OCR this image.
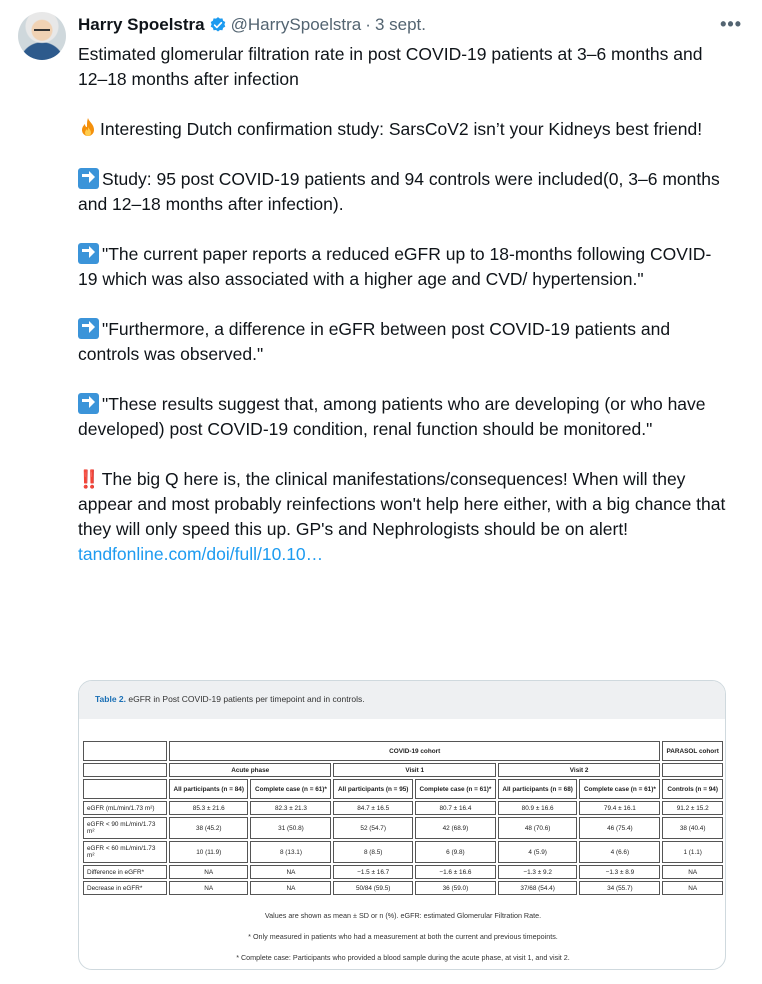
Harry Spoelstra @HarrySpoelstra · 3 sept.	•••
Estimated glomerular filtration rate in post COVID-19 patients at 3–6 months and 12–18 months after infection
Interesting Dutch confirmation study: SarsCoV2 isn’t your Kidneys best friend!
Study: 95 post COVID-19 patients and 94 controls were included(0, 3–6 months and 12–18 months after infection).
"The current paper reports a reduced eGFR up to 18-months following COVID-19 which was also associated with a higher age and CVD/ hypertension."
"Furthermore, a difference in eGFR between post COVID-19 patients and controls was observed."
"These results suggest that, among patients who are developing (or who have developed) post COVID-19 condition, renal function should be monitored."
‼️ The big Q here is, the clinical manifestations/consequences! When will they appear and most probably reinfections won't help here either, with a big chance that they will only speed this up. GP's and Nephrologists should be on alert!
tandfonline.com/doi/full/10.10…
Table 2. eGFR in Post COVID-19 patients per timepoint and in controls.
	COVID-19 cohort						PARASOL cohort
	Acute phase		Visit 1		Visit 2		
	All participants (n = 84)	Complete case (n = 61)*	All participants (n = 95)	Complete case (n = 61)*	All participants (n = 68)	Complete case (n = 61)*	Controls (n = 94)
eGFR (mL/min/1.73 m²)	85.3 ± 21.6	82.3 ± 21.3	84.7 ± 16.5	80.7 ± 16.4	80.9 ± 16.6	79.4 ± 16.1	91.2 ± 15.2
eGFR < 90 mL/min/1.73 m²	38 (45.2)	31 (50.8)	52 (54.7)	42 (68.9)	48 (70.6)	46 (75.4)	38 (40.4)
eGFR < 60 mL/min/1.73 m²	10 (11.9)	8 (13.1)	8 (8.5)	6 (9.8)	4 (5.9)	4 (6.6)	1 (1.1)
Difference in eGFR*	NA	NA	−1.5 ± 16.7	−1.6 ± 16.6	−1.3 ± 9.2	−1.3 ± 8.9	NA
Decrease in eGFR*	NA	NA	50/84 (59.5)	36 (59.0)	37/68 (54.4)	34 (55.7)	NA
Values are shown as mean ± SD or n (%). eGFR: estimated Glomerular Filtration Rate.
* Only measured in patients who had a measurement at both the current and previous timepoints.
* Complete case: Participants who provided a blood sample during the acute phase, at visit 1, and visit 2.
